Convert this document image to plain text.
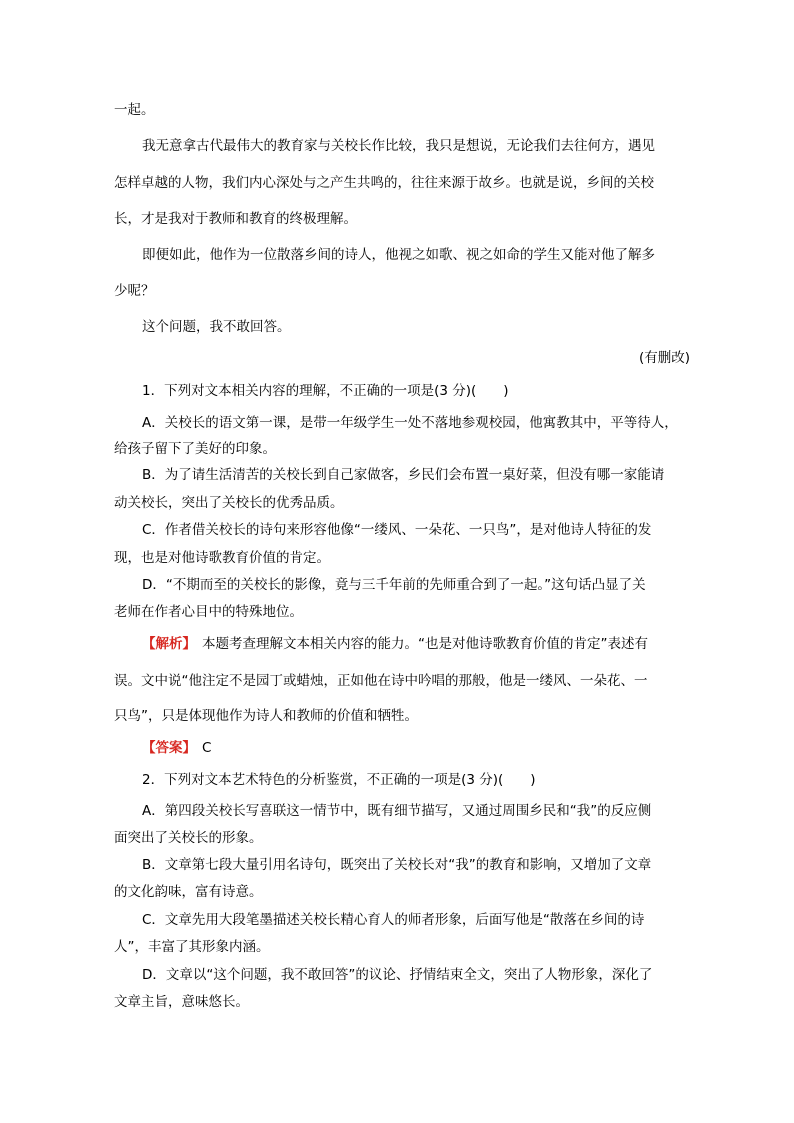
一起。
我无意拿古代最伟大的教育家与关校长作比较，我只是想说，无论我们去往何方，遇见
怎样卓越的人物，我们内心深处与之产生共鸣的，往往来源于故乡。也就是说，乡间的关校
长，才是我对于教师和教育的终极理解。
即便如此，他作为一位散落乡间的诗人，他视之如歌、视之如命的学生又能对他了解多
少呢？
这个问题，我不敢回答。
(有删改)
1．下列对文本相关内容的理解，不正确的一项是(3 分)(　　)
A．关校长的语文第一课，是带一年级学生一处不落地参观校园，他寓教其中，平等待人，
给孩子留下了美好的印象。
B．为了请生活清苦的关校长到自己家做客，乡民们会布置一桌好菜，但没有哪一家能请
动关校长，突出了关校长的优秀品质。
C．作者借关校长的诗句来形容他像“一缕风、一朵花、一只鸟”，是对他诗人特征的发
现，也是对他诗歌教育价值的肯定。
D．“不期而至的关校长的影像，竟与三千年前的先师重合到了一起。”这句话凸显了关
老师在作者心目中的特殊地位。
【解析】 本题考查理解文本相关内容的能力。“也是对他诗歌教育价值的肯定”表述有
误。文中说“他注定不是园丁或蜡烛，正如他在诗中吟唱的那般，他是一缕风、一朵花、一
只鸟”，只是体现他作为诗人和教师的价值和牺牲。
【答案】 C
2．下列对文本艺术特色的分析鉴赏，不正确的一项是(3 分)(　　)
A．第四段关校长写喜联这一情节中，既有细节描写，又通过周围乡民和“我”的反应侧
面突出了关校长的形象。
B．文章第七段大量引用名诗句，既突出了关校长对“我”的教育和影响，又增加了文章
的文化韵味，富有诗意。
C．文章先用大段笔墨描述关校长精心育人的师者形象，后面写他是“散落在乡间的诗
人”，丰富了其形象内涵。
D．文章以“这个问题，我不敢回答”的议论、抒情结束全文，突出了人物形象，深化了
文章主旨，意味悠长。
